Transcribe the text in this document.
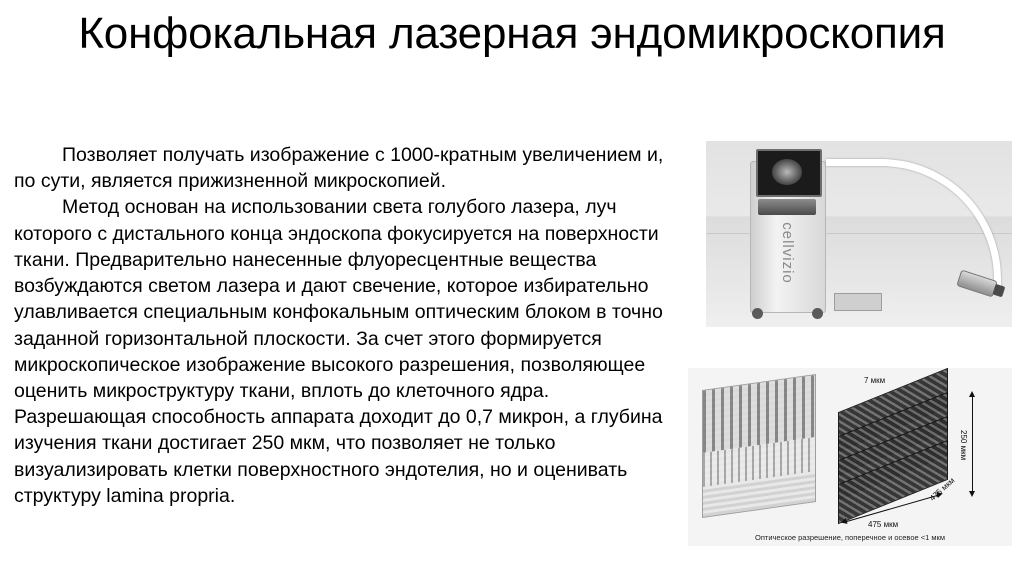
Конфокальная лазерная эндомикроскопия

Позволяет получать изображение с 1000-кратным увеличением и, по сути, является прижизненной микроскопией.

Метод основан на использовании света голубого лазера, луч которого с дистального конца эндоскопа фокусируется на поверхности ткани. Предварительно нанесенные флуоресцентные вещества возбуждаются светом лазера и дают свечение, которое избирательно улавливается специальным конфокальным оптическим блоком в точно заданной горизонтальной плоскости. За счет этого формируется микроскопическое изображение высокого разрешения, позволяющее оценить микроструктуру ткани, вплоть до клеточного ядра. Разрешающая способность аппарата доходит до 0,7 микрон, а глубина изучения ткани достигает 250 мкм, что позволяет не только визуализировать клетки поверхностного эндотелия, но и оценивать структуру lamina propria.

cellvizio
7 мкм
250 мкм
475 мкм
475 мкм
Оптическое разрешение, поперечное и осевое <1 мкм
